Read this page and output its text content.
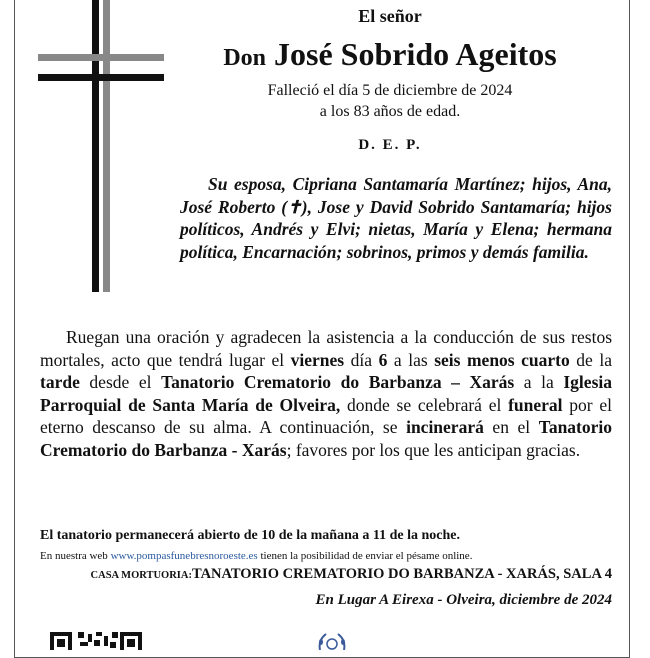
El señor
Don José Sobrido Ageitos
Falleció el día 5 de diciembre de 2024
a los 83 años de edad.
D. E. P.
Su esposa, Cipriana Santamaría Martínez; hijos, Ana, José Roberto (✝), Jose y David Sobrido Santamaría; hijos políticos, Andrés y Elvi; nietas, María y Elena; hermana política, Encarnación; sobrinos, primos y demás familia.
Ruegan una oración y agradecen la asistencia a la conducción de sus restos mortales, acto que tendrá lugar el viernes día 6 a las seis menos cuarto de la tarde desde el Tanatorio Crematorio do Barbanza – Xarás a la Iglesia Parroquial de Santa María de Olveira, donde se celebrará el funeral por el eterno descanso de su alma. A continuación, se incinerará en el Tanatorio Crematorio do Barbanza - Xarás; favores por los que les anticipan gracias.
El tanatorio permanecerá abierto de 10 de la mañana a 11 de la noche.
En nuestra web www.pompasfunebresnoroeste.es tienen la posibilidad de enviar el pésame online.
CASA MORTUORIA:TANATORIO CREMATORIO DO BARBANZA - XARÁS, SALA 4
En Lugar A Eirexa - Olveira, diciembre de 2024
